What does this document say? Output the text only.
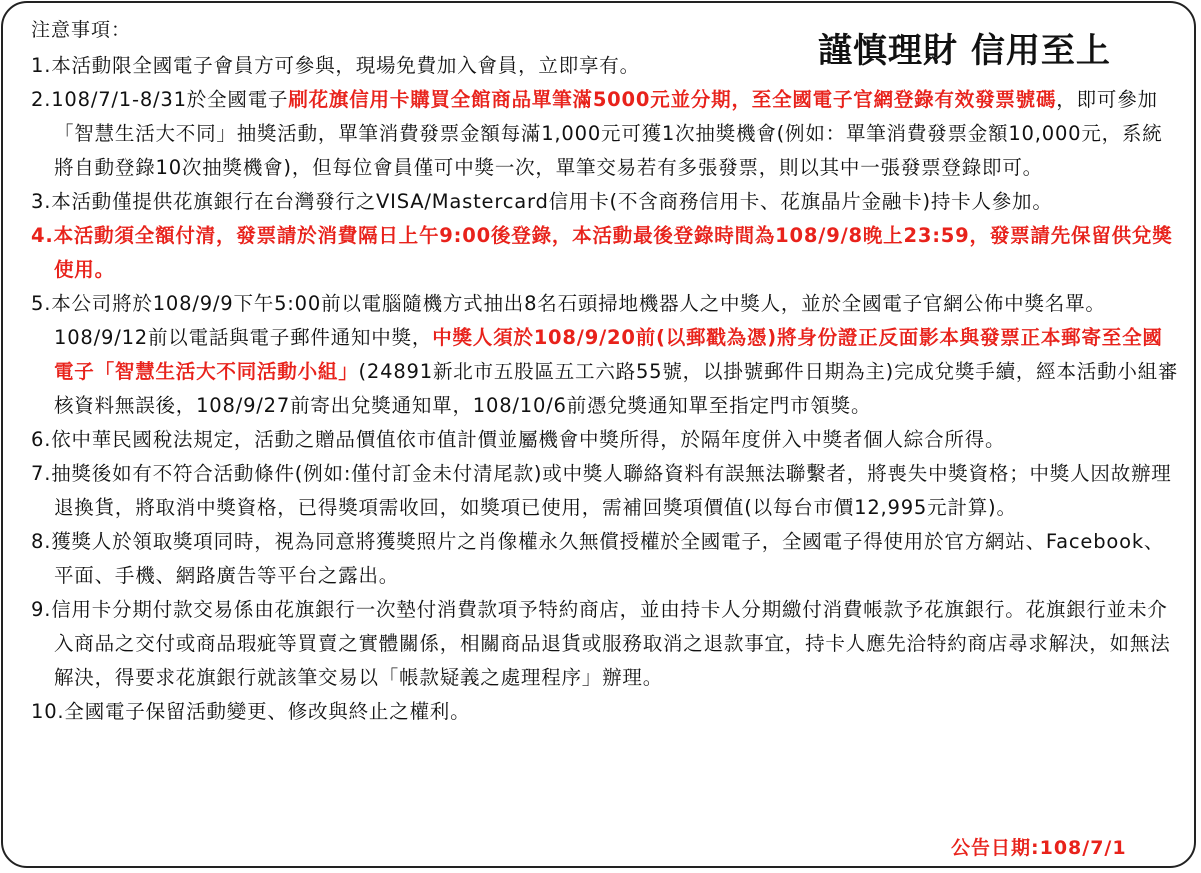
注意事項：
謹慎理財 信用至上
1.本活動限全國電子會員方可參與，現場免費加入會員，立即享有。
2.108/7/1-8/31於全國電子刷花旗信用卡購買全館商品單筆滿5000元並分期，至全國電子官網登錄有效發票號碼，即可參加「智慧生活大不同」抽獎活動，單筆消費發票金額每滿1,000元可獲1次抽獎機會(例如：單筆消費發票金額10,000元，系統將自動登錄10次抽獎機會)，但每位會員僅可中獎一次，單筆交易若有多張發票，則以其中一張發票登錄即可。
3.本活動僅提供花旗銀行在台灣發行之VISA/Mastercard信用卡(不含商務信用卡、花旗晶片金融卡)持卡人參加。
4.本活動須全額付清，發票請於消費隔日上午9:00後登錄，本活動最後登錄時間為108/9/8晚上23:59，發票請先保留供兌獎使用。
5.本公司將於108/9/9下午5:00前以電腦隨機方式抽出8名石頭掃地機器人之中獎人，並於全國電子官網公佈中獎名單。108/9/12前以電話與電子郵件通知中獎，中獎人須於108/9/20前(以郵戳為憑)將身份證正反面影本與發票正本郵寄至全國電子「智慧生活大不同活動小組」(24891新北市五股區五工六路55號，以掛號郵件日期為主)完成兌獎手續，經本活動小組審核資料無誤後，108/9/27前寄出兌獎通知單，108/10/6前憑兌獎通知單至指定門市領獎。
6.依中華民國稅法規定，活動之贈品價值依市值計價並屬機會中獎所得，於隔年度併入中獎者個人綜合所得。
7.抽獎後如有不符合活動條件(例如:僅付訂金未付清尾款)或中獎人聯絡資料有誤無法聯繫者，將喪失中獎資格；中獎人因故辦理退換貨，將取消中獎資格，已得獎項需收回，如獎項已使用，需補回獎項價值(以每台市價12,995元計算)。
8.獲獎人於領取獎項同時，視為同意將獲獎照片之肖像權永久無償授權於全國電子，全國電子得使用於官方網站、Facebook、平面、手機、網路廣告等平台之露出。
9.信用卡分期付款交易係由花旗銀行一次墊付消費款項予特約商店，並由持卡人分期繳付消費帳款予花旗銀行。花旗銀行並未介入商品之交付或商品瑕疵等買賣之實體關係，相關商品退貨或服務取消之退款事宜，持卡人應先洽特約商店尋求解決，如無法解決，得要求花旗銀行就該筆交易以「帳款疑義之處理程序」辦理。
10.全國電子保留活動變更、修改與終止之權利。
公告日期:108/7/1
